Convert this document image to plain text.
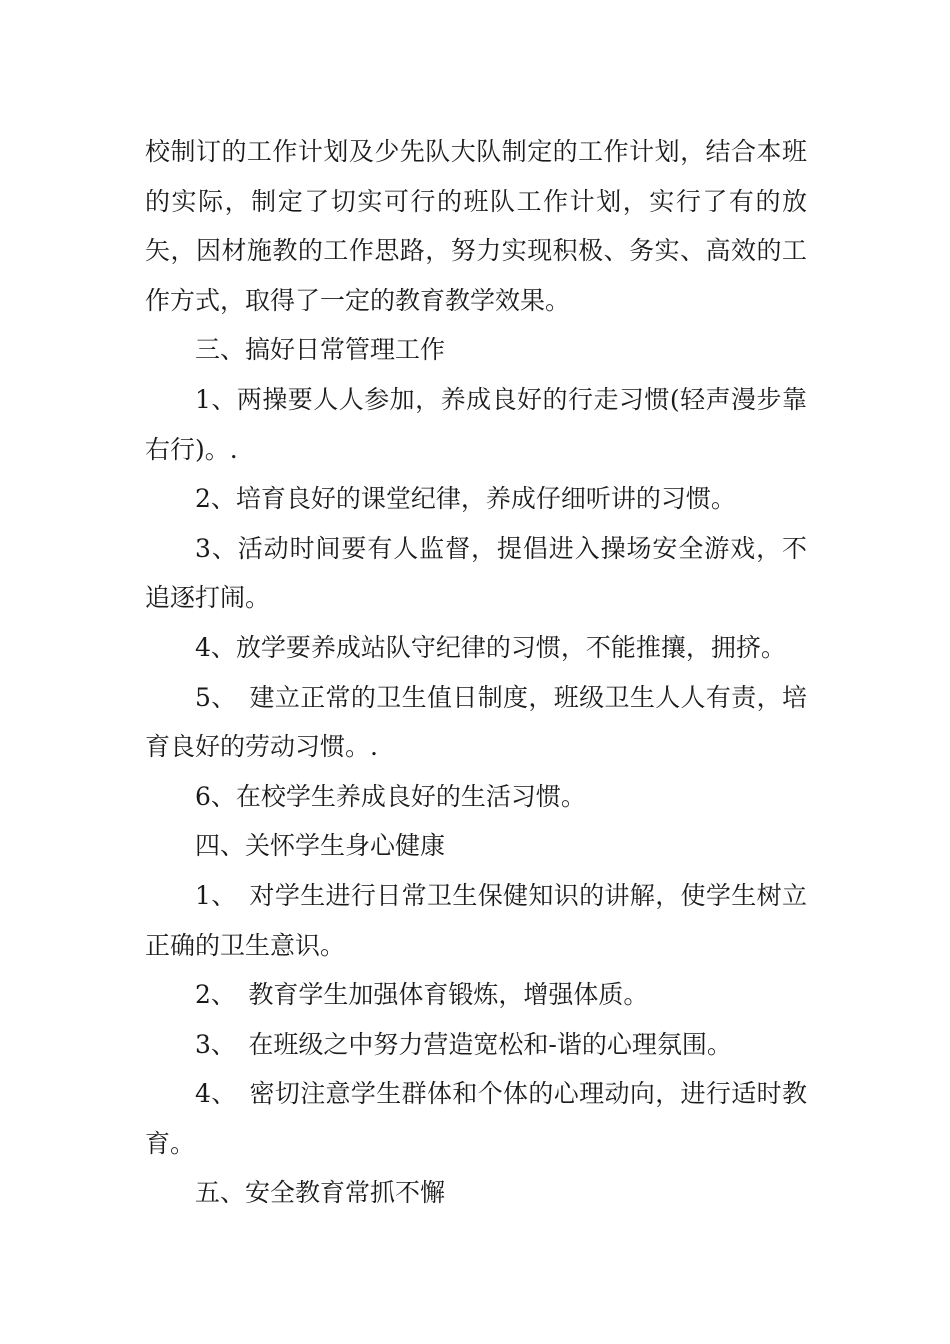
校制订的工作计划及少先队大队制定的工作计划，结合本班的实际，制定了切实可行的班队工作计划，实行了有的放矢，因材施教的工作思路，努力实现积极、务实、高效的工作方式，取得了一定的教育教学效果。

三、搞好日常管理工作

1、两操要人人参加，养成良好的行走习惯(轻声漫步靠右行)。.

2、培育良好的课堂纪律，养成仔细听讲的习惯。

3、活动时间要有人监督，提倡进入操场安全游戏，不追逐打闹。

4、放学要养成站队守纪律的习惯，不能推攘，拥挤。

5、　建立正常的卫生值日制度，班级卫生人人有责，培育良好的劳动习惯。.

6、在校学生养成良好的生活习惯。

四、关怀学生身心健康

1、　对学生进行日常卫生保健知识的讲解，使学生树立正确的卫生意识。

2、　教育学生加强体育锻炼，增强体质。

3、　在班级之中努力营造宽松和-谐的心理氛围。

4、　密切注意学生群体和个体的心理动向，进行适时教育。

五、安全教育常抓不懈
